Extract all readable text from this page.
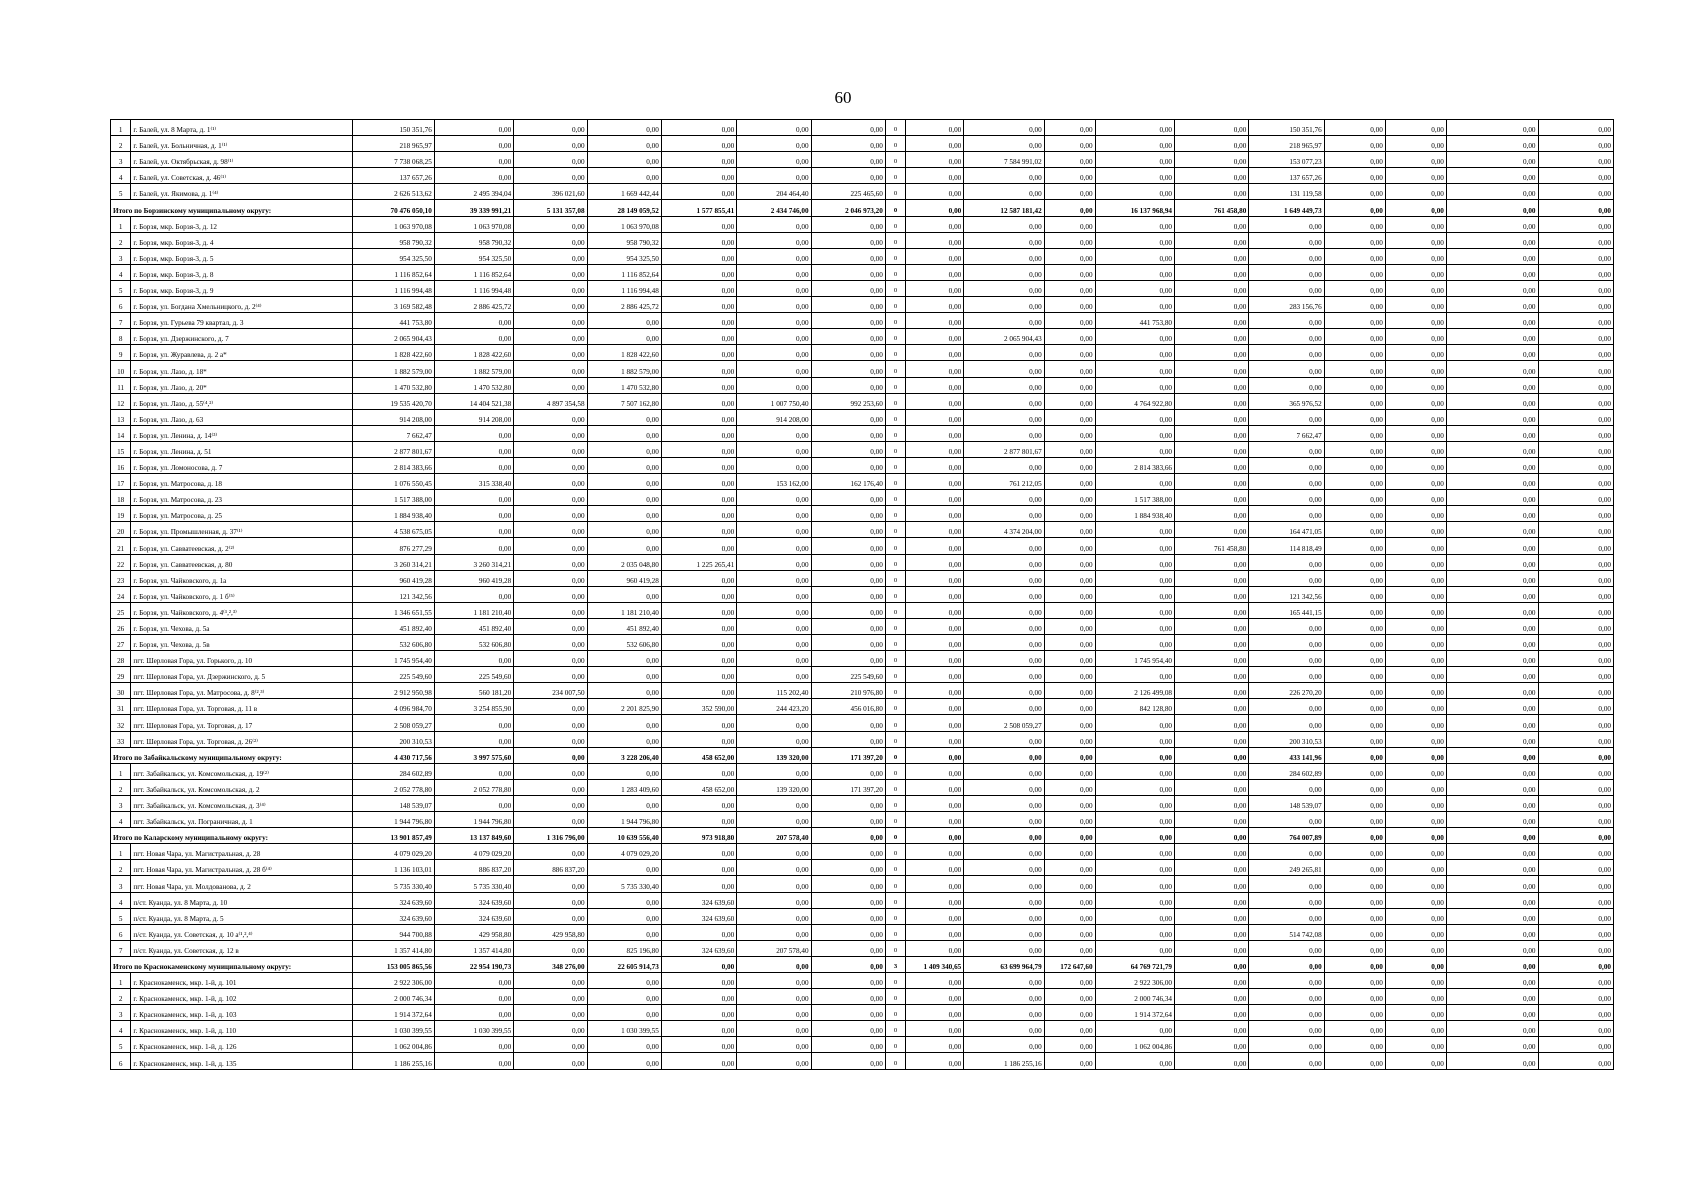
60
1	г. Балей, ул. 8 Марта, д. 1⁽¹⁾	150 351,76	0,00	0,00	0,00	0,00	0,00	0,00	0	0,00	0,00	0,00	0,00	0,00	150 351,76	0,00	0,00	0,00	0,00
2	г. Балей, ул. Больничная, д. 1⁽¹⁾	218 965,97	0,00	0,00	0,00	0,00	0,00	0,00	0	0,00	0,00	0,00	0,00	0,00	218 965,97	0,00	0,00	0,00	0,00
3	г. Балей, ул. Октябрьская, д. 98⁽¹⁾	7 738 068,25	0,00	0,00	0,00	0,00	0,00	0,00	0	0,00	7 584 991,02	0,00	0,00	0,00	153 077,23	0,00	0,00	0,00	0,00
4	г. Балей, ул. Советская, д. 46⁽¹⁾	137 657,26	0,00	0,00	0,00	0,00	0,00	0,00	0	0,00	0,00	0,00	0,00	0,00	137 657,26	0,00	0,00	0,00	0,00
5	г. Балей, ул. Якимова, д. 1⁽⁴⁾	2 626 513,62	2 495 394,04	396 021,60	1 669 442,44	0,00	204 464,40	225 465,60	0	0,00	0,00	0,00	0,00	0,00	131 119,58	0,00	0,00	0,00	0,00
Итого по Борзинскому муниципальному округу:		70 476 050,10	39 339 991,21	5 131 357,08	28 149 059,52	1 577 855,41	2 434 746,00	2 046 973,20	0	0,00	12 587 181,42	0,00	16 137 968,94	761 458,80	1 649 449,73	0,00	0,00	0,00	0,00
1	г. Борзя, мкр. Борзя-3, д. 12	1 063 970,08	1 063 970,08	0,00	1 063 970,08	0,00	0,00	0,00	0	0,00	0,00	0,00	0,00	0,00	0,00	0,00	0,00	0,00	0,00
2	г. Борзя, мкр. Борзя-3, д. 4	958 790,32	958 790,32	0,00	958 790,32	0,00	0,00	0,00	0	0,00	0,00	0,00	0,00	0,00	0,00	0,00	0,00	0,00	0,00
3	г. Борзя, мкр. Борзя-3, д. 5	954 325,50	954 325,50	0,00	954 325,50	0,00	0,00	0,00	0	0,00	0,00	0,00	0,00	0,00	0,00	0,00	0,00	0,00	0,00
4	г. Борзя, мкр. Борзя-3, д. 8	1 116 852,64	1 116 852,64	0,00	1 116 852,64	0,00	0,00	0,00	0	0,00	0,00	0,00	0,00	0,00	0,00	0,00	0,00	0,00	0,00
5	г. Борзя, мкр. Борзя-3, д. 9	1 116 994,48	1 116 994,48	0,00	1 116 994,48	0,00	0,00	0,00	0	0,00	0,00	0,00	0,00	0,00	0,00	0,00	0,00	0,00	0,00
6	г. Борзя, ул. Богдана Хмельницкого, д. 2⁽⁴⁾	3 169 582,48	2 886 425,72	0,00	2 886 425,72	0,00	0,00	0,00	0	0,00	0,00	0,00	0,00	0,00	283 156,76	0,00	0,00	0,00	0,00
7	г. Борзя, ул. Гурьева 79 квартал, д. 3	441 753,80	0,00	0,00	0,00	0,00	0,00	0,00	0	0,00	0,00	0,00	441 753,80	0,00	0,00	0,00	0,00	0,00	0,00
8	г. Борзя, ул. Дзержинского, д. 7	2 065 904,43	0,00	0,00	0,00	0,00	0,00	0,00	0	0,00	2 065 904,43	0,00	0,00	0,00	0,00	0,00	0,00	0,00	0,00
9	г. Борзя, ул. Журавлева, д. 2 а*	1 828 422,60	1 828 422,60	0,00	1 828 422,60	0,00	0,00	0,00	0	0,00	0,00	0,00	0,00	0,00	0,00	0,00	0,00	0,00	0,00
10	г. Борзя, ул. Лазо, д. 18*	1 882 579,00	1 882 579,00	0,00	1 882 579,00	0,00	0,00	0,00	0	0,00	0,00	0,00	0,00	0,00	0,00	0,00	0,00	0,00	0,00
11	г. Борзя, ул. Лазо, д. 20*	1 470 532,80	1 470 532,80	0,00	1 470 532,80	0,00	0,00	0,00	0	0,00	0,00	0,00	0,00	0,00	0,00	0,00	0,00	0,00	0,00
12	г. Борзя, ул. Лазо, д. 55⁽⁴,²⁾	19 535 420,70	14 404 521,38	4 897 354,58	7 507 162,80	0,00	1 007 750,40	992 253,60	0	0,00	0,00	0,00	4 764 922,80	0,00	365 976,52	0,00	0,00	0,00	0,00
13	г. Борзя, ул. Лазо, д. 63	914 208,00	914 208,00	0,00	0,00	0,00	914 208,00	0,00	0	0,00	0,00	0,00	0,00	0,00	0,00	0,00	0,00	0,00	0,00
14	г. Борзя, ул. Ленина, д. 14⁽³⁾	7 662,47	0,00	0,00	0,00	0,00	0,00	0,00	0	0,00	0,00	0,00	0,00	0,00	7 662,47	0,00	0,00	0,00	0,00
15	г. Борзя, ул. Ленина, д. 51	2 877 801,67	0,00	0,00	0,00	0,00	0,00	0,00	0	0,00	2 877 801,67	0,00	0,00	0,00	0,00	0,00	0,00	0,00	0,00
16	г. Борзя, ул. Ломоносова, д. 7	2 814 383,66	0,00	0,00	0,00	0,00	0,00	0,00	0	0,00	0,00	0,00	2 814 383,66	0,00	0,00	0,00	0,00	0,00	0,00
17	г. Борзя, ул. Матросова, д. 18	1 076 550,45	315 338,40	0,00	0,00	0,00	153 162,00	162 176,40	0	0,00	761 212,05	0,00	0,00	0,00	0,00	0,00	0,00	0,00	0,00
18	г. Борзя, ул. Матросова, д. 23	1 517 388,00	0,00	0,00	0,00	0,00	0,00	0,00	0	0,00	0,00	0,00	1 517 388,00	0,00	0,00	0,00	0,00	0,00	0,00
19	г. Борзя, ул. Матросова, д. 25	1 884 938,40	0,00	0,00	0,00	0,00	0,00	0,00	0	0,00	0,00	0,00	1 884 938,40	0,00	0,00	0,00	0,00	0,00	0,00
20	г. Борзя, ул. Промышленная, д. 37⁽¹⁾	4 538 675,05	0,00	0,00	0,00	0,00	0,00	0,00	0	0,00	4 374 204,00	0,00	0,00	0,00	164 471,05	0,00	0,00	0,00	0,00
21	г. Борзя, ул. Савватеевская, д. 2⁽²⁾	876 277,29	0,00	0,00	0,00	0,00	0,00	0,00	0	0,00	0,00	0,00	0,00	761 458,80	114 818,49	0,00	0,00	0,00	0,00
22	г. Борзя, ул. Савватеевская, д. 80	3 260 314,21	3 260 314,21	0,00	2 035 048,80	1 225 265,41	0,00	0,00	0	0,00	0,00	0,00	0,00	0,00	0,00	0,00	0,00	0,00	0,00
23	г. Борзя, ул. Чайковского, д. 1а	960 419,28	960 419,28	0,00	960 419,28	0,00	0,00	0,00	0	0,00	0,00	0,00	0,00	0,00	0,00	0,00	0,00	0,00	0,00
24	г. Борзя, ул. Чайковского, д. 1 б⁽⁵⁾	121 342,56	0,00	0,00	0,00	0,00	0,00	0,00	0	0,00	0,00	0,00	0,00	0,00	121 342,56	0,00	0,00	0,00	0,00
25	г. Борзя, ул. Чайковского, д. 4⁽¹,²,³⁾	1 346 651,55	1 181 210,40	0,00	1 181 210,40	0,00	0,00	0,00	0	0,00	0,00	0,00	0,00	0,00	165 441,15	0,00	0,00	0,00	0,00
26	г. Борзя, ул. Чехова, д. 5а	451 892,40	451 892,40	0,00	451 892,40	0,00	0,00	0,00	0	0,00	0,00	0,00	0,00	0,00	0,00	0,00	0,00	0,00	0,00
27	г. Борзя, ул. Чехова, д. 5в	532 606,80	532 606,80	0,00	532 606,80	0,00	0,00	0,00	0	0,00	0,00	0,00	0,00	0,00	0,00	0,00	0,00	0,00	0,00
28	пгт. Шерловая Гора, ул. Горького, д. 10	1 745 954,40	0,00	0,00	0,00	0,00	0,00	0,00	0	0,00	0,00	0,00	1 745 954,40	0,00	0,00	0,00	0,00	0,00	0,00
29	пгт. Шерловая Гора, ул. Дзержинского, д. 5	225 549,60	225 549,60	0,00	0,00	0,00	0,00	225 549,60	0	0,00	0,00	0,00	0,00	0,00	0,00	0,00	0,00	0,00	0,00
30	пгт. Шерловая Гора, ул. Матросова, д. 8⁽²,³⁾	2 912 950,98	560 181,20	234 007,50	0,00	0,00	115 202,40	210 976,80	0	0,00	0,00	0,00	2 126 499,08	0,00	226 270,20	0,00	0,00	0,00	0,00
31	пгт. Шерловая Гора, ул. Торговая, д. 11 в	4 096 984,70	3 254 855,90	0,00	2 201 825,90	352 590,00	244 423,20	456 016,80	0	0,00	0,00	0,00	842 128,80	0,00	0,00	0,00	0,00	0,00	0,00
32	пгт. Шерловая Гора, ул. Торговая, д. 17	2 508 059,27	0,00	0,00	0,00	0,00	0,00	0,00	0	0,00	2 508 059,27	0,00	0,00	0,00	0,00	0,00	0,00	0,00	0,00
33	пгт. Шерловая Гора, ул. Торговая, д. 26⁽²⁾	200 310,53	0,00	0,00	0,00	0,00	0,00	0,00	0	0,00	0,00	0,00	0,00	0,00	200 310,53	0,00	0,00	0,00	0,00
Итого по Забайкальскому муниципальному округу:		4 430 717,56	3 997 575,60	0,00	3 228 206,40	458 652,00	139 320,00	171 397,20	0	0,00	0,00	0,00	0,00	0,00	433 141,96	0,00	0,00	0,00	0,00
1	пгт. Забайкальск, ул. Комсомольская, д. 19⁽²⁾	284 602,89	0,00	0,00	0,00	0,00	0,00	0,00	0	0,00	0,00	0,00	0,00	0,00	284 602,89	0,00	0,00	0,00	0,00
2	пгт. Забайкальск, ул. Комсомольская, д. 2	2 052 778,80	2 052 778,80	0,00	1 283 409,60	458 652,00	139 320,00	171 397,20	0	0,00	0,00	0,00	0,00	0,00	0,00	0,00	0,00	0,00	0,00
3	пгт. Забайкальск, ул. Комсомольская, д. 3⁽⁴⁾	148 539,07	0,00	0,00	0,00	0,00	0,00	0,00	0	0,00	0,00	0,00	0,00	0,00	148 539,07	0,00	0,00	0,00	0,00
4	пгт. Забайкальск, ул. Пограничная, д. 1	1 944 796,80	1 944 796,80	0,00	1 944 796,80	0,00	0,00	0,00	0	0,00	0,00	0,00	0,00	0,00	0,00	0,00	0,00	0,00	0,00
Итого по Каларскому муниципальному округу:		13 901 857,49	13 137 849,60	1 316 796,00	10 639 556,40	973 918,80	207 578,40	0,00	0	0,00	0,00	0,00	0,00	0,00	764 007,89	0,00	0,00	0,00	0,00
1	пгт. Новая Чара, ул. Магистральная, д. 28	4 079 029,20	4 079 029,20	0,00	4 079 029,20	0,00	0,00	0,00	0	0,00	0,00	0,00	0,00	0,00	0,00	0,00	0,00	0,00	0,00
2	пгт. Новая Чара, ул. Магистральная, д. 28 б⁽⁴⁾	1 136 103,01	886 837,20	886 837,20	0,00	0,00	0,00	0,00	0	0,00	0,00	0,00	0,00	0,00	249 265,81	0,00	0,00	0,00	0,00
3	пгт. Новая Чара, ул. Молдованова, д. 2	5 735 330,40	5 735 330,40	0,00	5 735 330,40	0,00	0,00	0,00	0	0,00	0,00	0,00	0,00	0,00	0,00	0,00	0,00	0,00	0,00
4	п/ст. Куанда, ул. 8 Марта, д. 10	324 639,60	324 639,60	0,00	0,00	324 639,60	0,00	0,00	0	0,00	0,00	0,00	0,00	0,00	0,00	0,00	0,00	0,00	0,00
5	п/ст. Куанда, ул. 8 Марта, д. 5	324 639,60	324 639,60	0,00	0,00	324 639,60	0,00	0,00	0	0,00	0,00	0,00	0,00	0,00	0,00	0,00	0,00	0,00	0,00
6	п/ст. Куанда, ул. Советская, д. 10 а⁽¹,²,⁴⁾	944 700,88	429 958,80	429 958,80	0,00	0,00	0,00	0,00	0	0,00	0,00	0,00	0,00	0,00	514 742,08	0,00	0,00	0,00	0,00
7	п/ст. Куанда, ул. Советская, д. 12 в	1 357 414,80	1 357 414,80	0,00	825 196,80	324 639,60	207 578,40	0,00	0	0,00	0,00	0,00	0,00	0,00	0,00	0,00	0,00	0,00	0,00
Итого по Краснокаменскому муниципальному округу:		153 005 865,56	22 954 190,73	348 276,00	22 605 914,73	0,00	0,00	0,00	3	1 409 340,65	63 699 964,79	172 647,60	64 769 721,79	0,00	0,00	0,00	0,00	0,00	0,00
1	г. Краснокаменск, мкр. 1-й, д. 101	2 922 306,00	0,00	0,00	0,00	0,00	0,00	0,00	0	0,00	0,00	0,00	2 922 306,00	0,00	0,00	0,00	0,00	0,00	0,00
2	г. Краснокаменск, мкр. 1-й, д. 102	2 000 746,34	0,00	0,00	0,00	0,00	0,00	0,00	0	0,00	0,00	0,00	2 000 746,34	0,00	0,00	0,00	0,00	0,00	0,00
3	г. Краснокаменск, мкр. 1-й, д. 103	1 914 372,64	0,00	0,00	0,00	0,00	0,00	0,00	0	0,00	0,00	0,00	1 914 372,64	0,00	0,00	0,00	0,00	0,00	0,00
4	г. Краснокаменск, мкр. 1-й, д. 110	1 030 399,55	1 030 399,55	0,00	1 030 399,55	0,00	0,00	0,00	0	0,00	0,00	0,00	0,00	0,00	0,00	0,00	0,00	0,00	0,00
5	г. Краснокаменск, мкр. 1-й, д. 126	1 062 004,86	0,00	0,00	0,00	0,00	0,00	0,00	0	0,00	0,00	0,00	1 062 004,86	0,00	0,00	0,00	0,00	0,00	0,00
6	г. Краснокаменск, мкр. 1-й, д. 135	1 186 255,16	0,00	0,00	0,00	0,00	0,00	0,00	0	0,00	1 186 255,16	0,00	0,00	0,00	0,00	0,00	0,00	0,00	0,00
